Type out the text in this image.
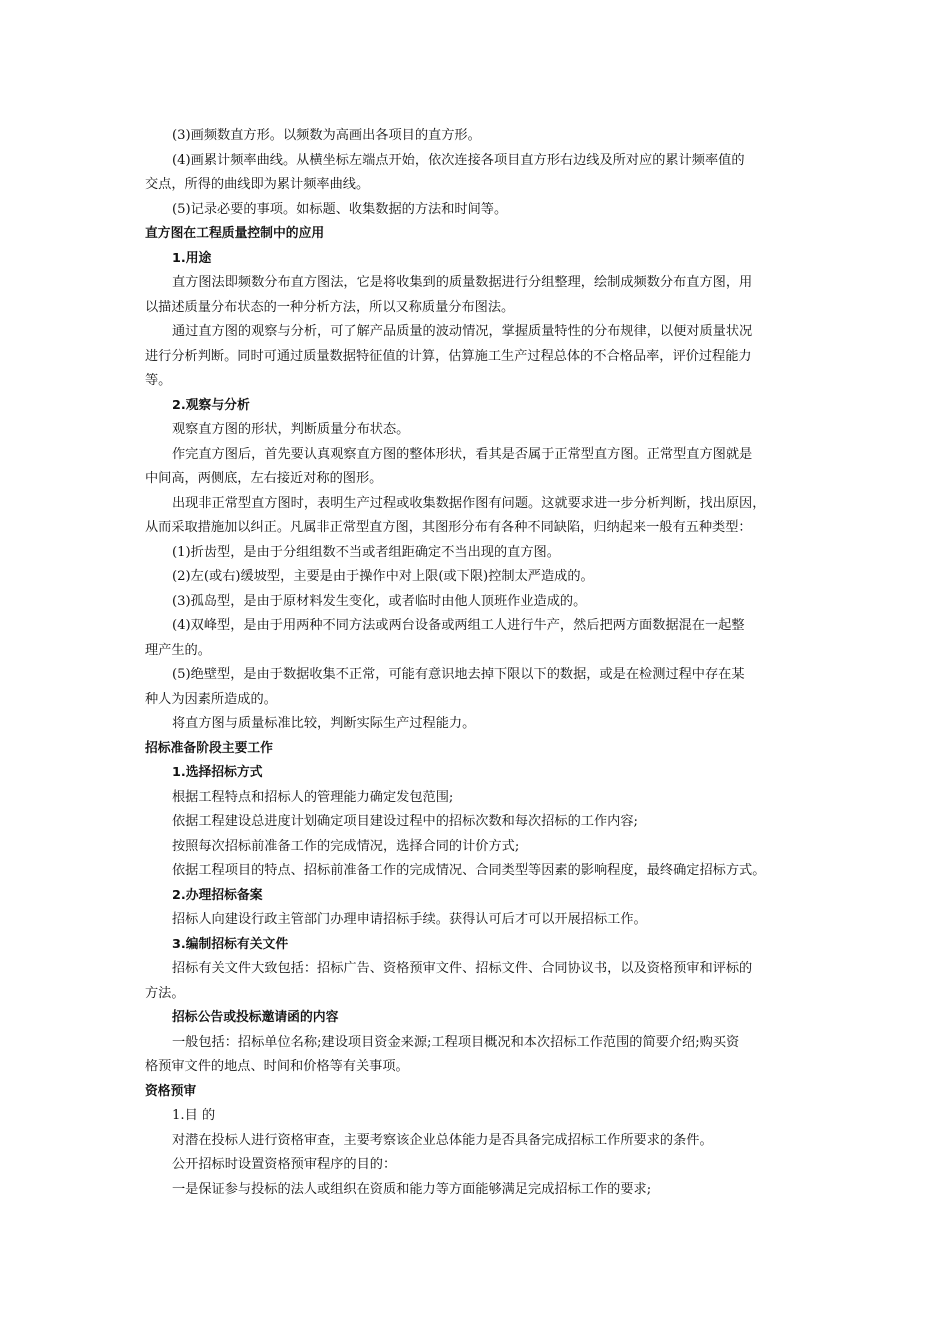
(3)画频数直方形。以频数为高画出各项目的直方形。
(4)画累计频率曲线。从横坐标左端点开始，依次连接各项目直方形右边线及所对应的累计频率值的
交点，所得的曲线即为累计频率曲线。
(5)记录必要的事项。如标题、收集数据的方法和时间等。
直方图在工程质量控制中的应用
1.用途
直方图法即频数分布直方图法，它是将收集到的质量数据进行分组整理，绘制成频数分布直方图，用
以描述质量分布状态的一种分析方法，所以又称质量分布图法。
通过直方图的观察与分析，可了解产品质量的波动情况，掌握质量特性的分布规律，以便对质量状况
进行分析判断。同时可通过质量数据特征值的计算，估算施工生产过程总体的不合格品率，评价过程能力
等。
2.观察与分析
观察直方图的形状，判断质量分布状态。
作完直方图后，首先要认真观察直方图的整体形状，看其是否属于正常型直方图。正常型直方图就是
中间高，两侧底，左右接近对称的图形。
出现非正常型直方图时，表明生产过程或收集数据作图有问题。这就要求进一步分析判断，找出原因，
从而采取措施加以纠正。凡属非正常型直方图，其图形分布有各种不同缺陷，归纳起来一般有五种类型：
(1)折齿型，是由于分组组数不当或者组距确定不当出现的直方图。
(2)左(或右)缓坡型，主要是由于操作中对上限(或下限)控制太严造成的。
(3)孤岛型，是由于原材料发生变化，或者临时由他人顶班作业造成的。
(4)双峰型，是由于用两种不同方法或两台设备或两组工人进行牛产，然后把两方面数据混在一起整
理产生的。
(5)绝壁型，是由于数据收集不正常，可能有意识地去掉下限以下的数据，或是在检测过程中存在某
种人为因素所造成的。
将直方图与质量标准比较，判断实际生产过程能力。
招标准备阶段主要工作
1.选择招标方式
根据工程特点和招标人的管理能力确定发包范围;
依据工程建设总进度计划确定项目建设过程中的招标次数和每次招标的工作内容;
按照每次招标前准备工作的完成情况，选择合同的计价方式;
依据工程项目的特点、招标前准备工作的完成情况、合同类型等因素的影响程度，最终确定招标方式。
2.办理招标备案
招标人向建设行政主管部门办理申请招标手续。获得认可后才可以开展招标工作。
3.编制招标有关文件
招标有关文件大致包括：招标广告、资格预审文件、招标文件、合同协议书，以及资格预审和评标的
方法。
招标公告或投标邀请函的内容
一般包括：招标单位名称;建设项目资金来源;工程项目概况和本次招标工作范围的简要介绍;购买资
格预审文件的地点、时间和价格等有关事项。
资格预审
1.目 的
对潜在投标人进行资格审查，主要考察该企业总体能力是否具备完成招标工作所要求的条件。
公开招标时设置资格预审程序的目的：
一是保证参与投标的法人或组织在资质和能力等方面能够满足完成招标工作的要求;
